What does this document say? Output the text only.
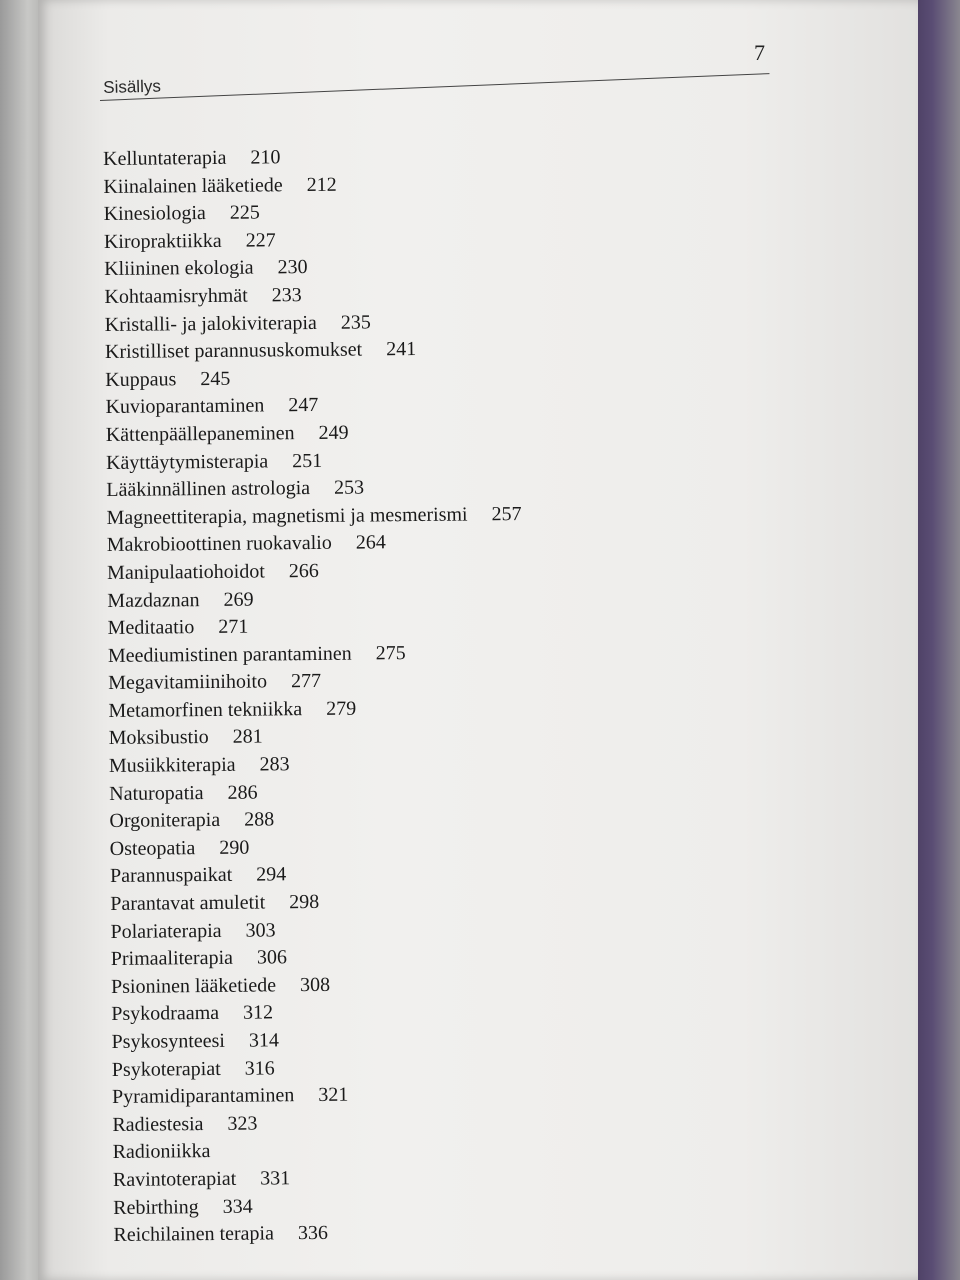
7
Sisällys
Kelluntaterapia 210
Kiinalainen lääketiede 212
Kinesiologia 225
Kiropraktiikka 227
Kliininen ekologia 230
Kohtaamisryhmät 233
Kristalli- ja jalokiviterapia 235
Kristilliset parannususkomukset 241
Kuppaus 245
Kuvioparantaminen 247
Kättenpäällepaneminen 249
Käyttäytymisterapia 251
Lääkinnällinen astrologia 253
Magneettiterapia, magnetismi ja mesmerismi 257
Makrobioottinen ruokavalio 264
Manipulaatiohoidot 266
Mazdaznan 269
Meditaatio 271
Meediumistinen parantaminen 275
Megavitamiinihoito 277
Metamorfinen tekniikka 279
Moksibustio 281
Musiikkiterapia 283
Naturopatia 286
Orgoniterapia 288
Osteopatia 290
Parannuspaikat 294
Parantavat amuletit 298
Polariaterapia 303
Primaaliterapia 306
Psioninen lääketiede 308
Psykodraama 312
Psykosynteesi 314
Psykoterapiat 316
Pyramidiparantaminen 321
Radiestesia 323
Radioniikka
Ravintoterapiat 331
Rebirthing 334
Reichilainen terapia 336
